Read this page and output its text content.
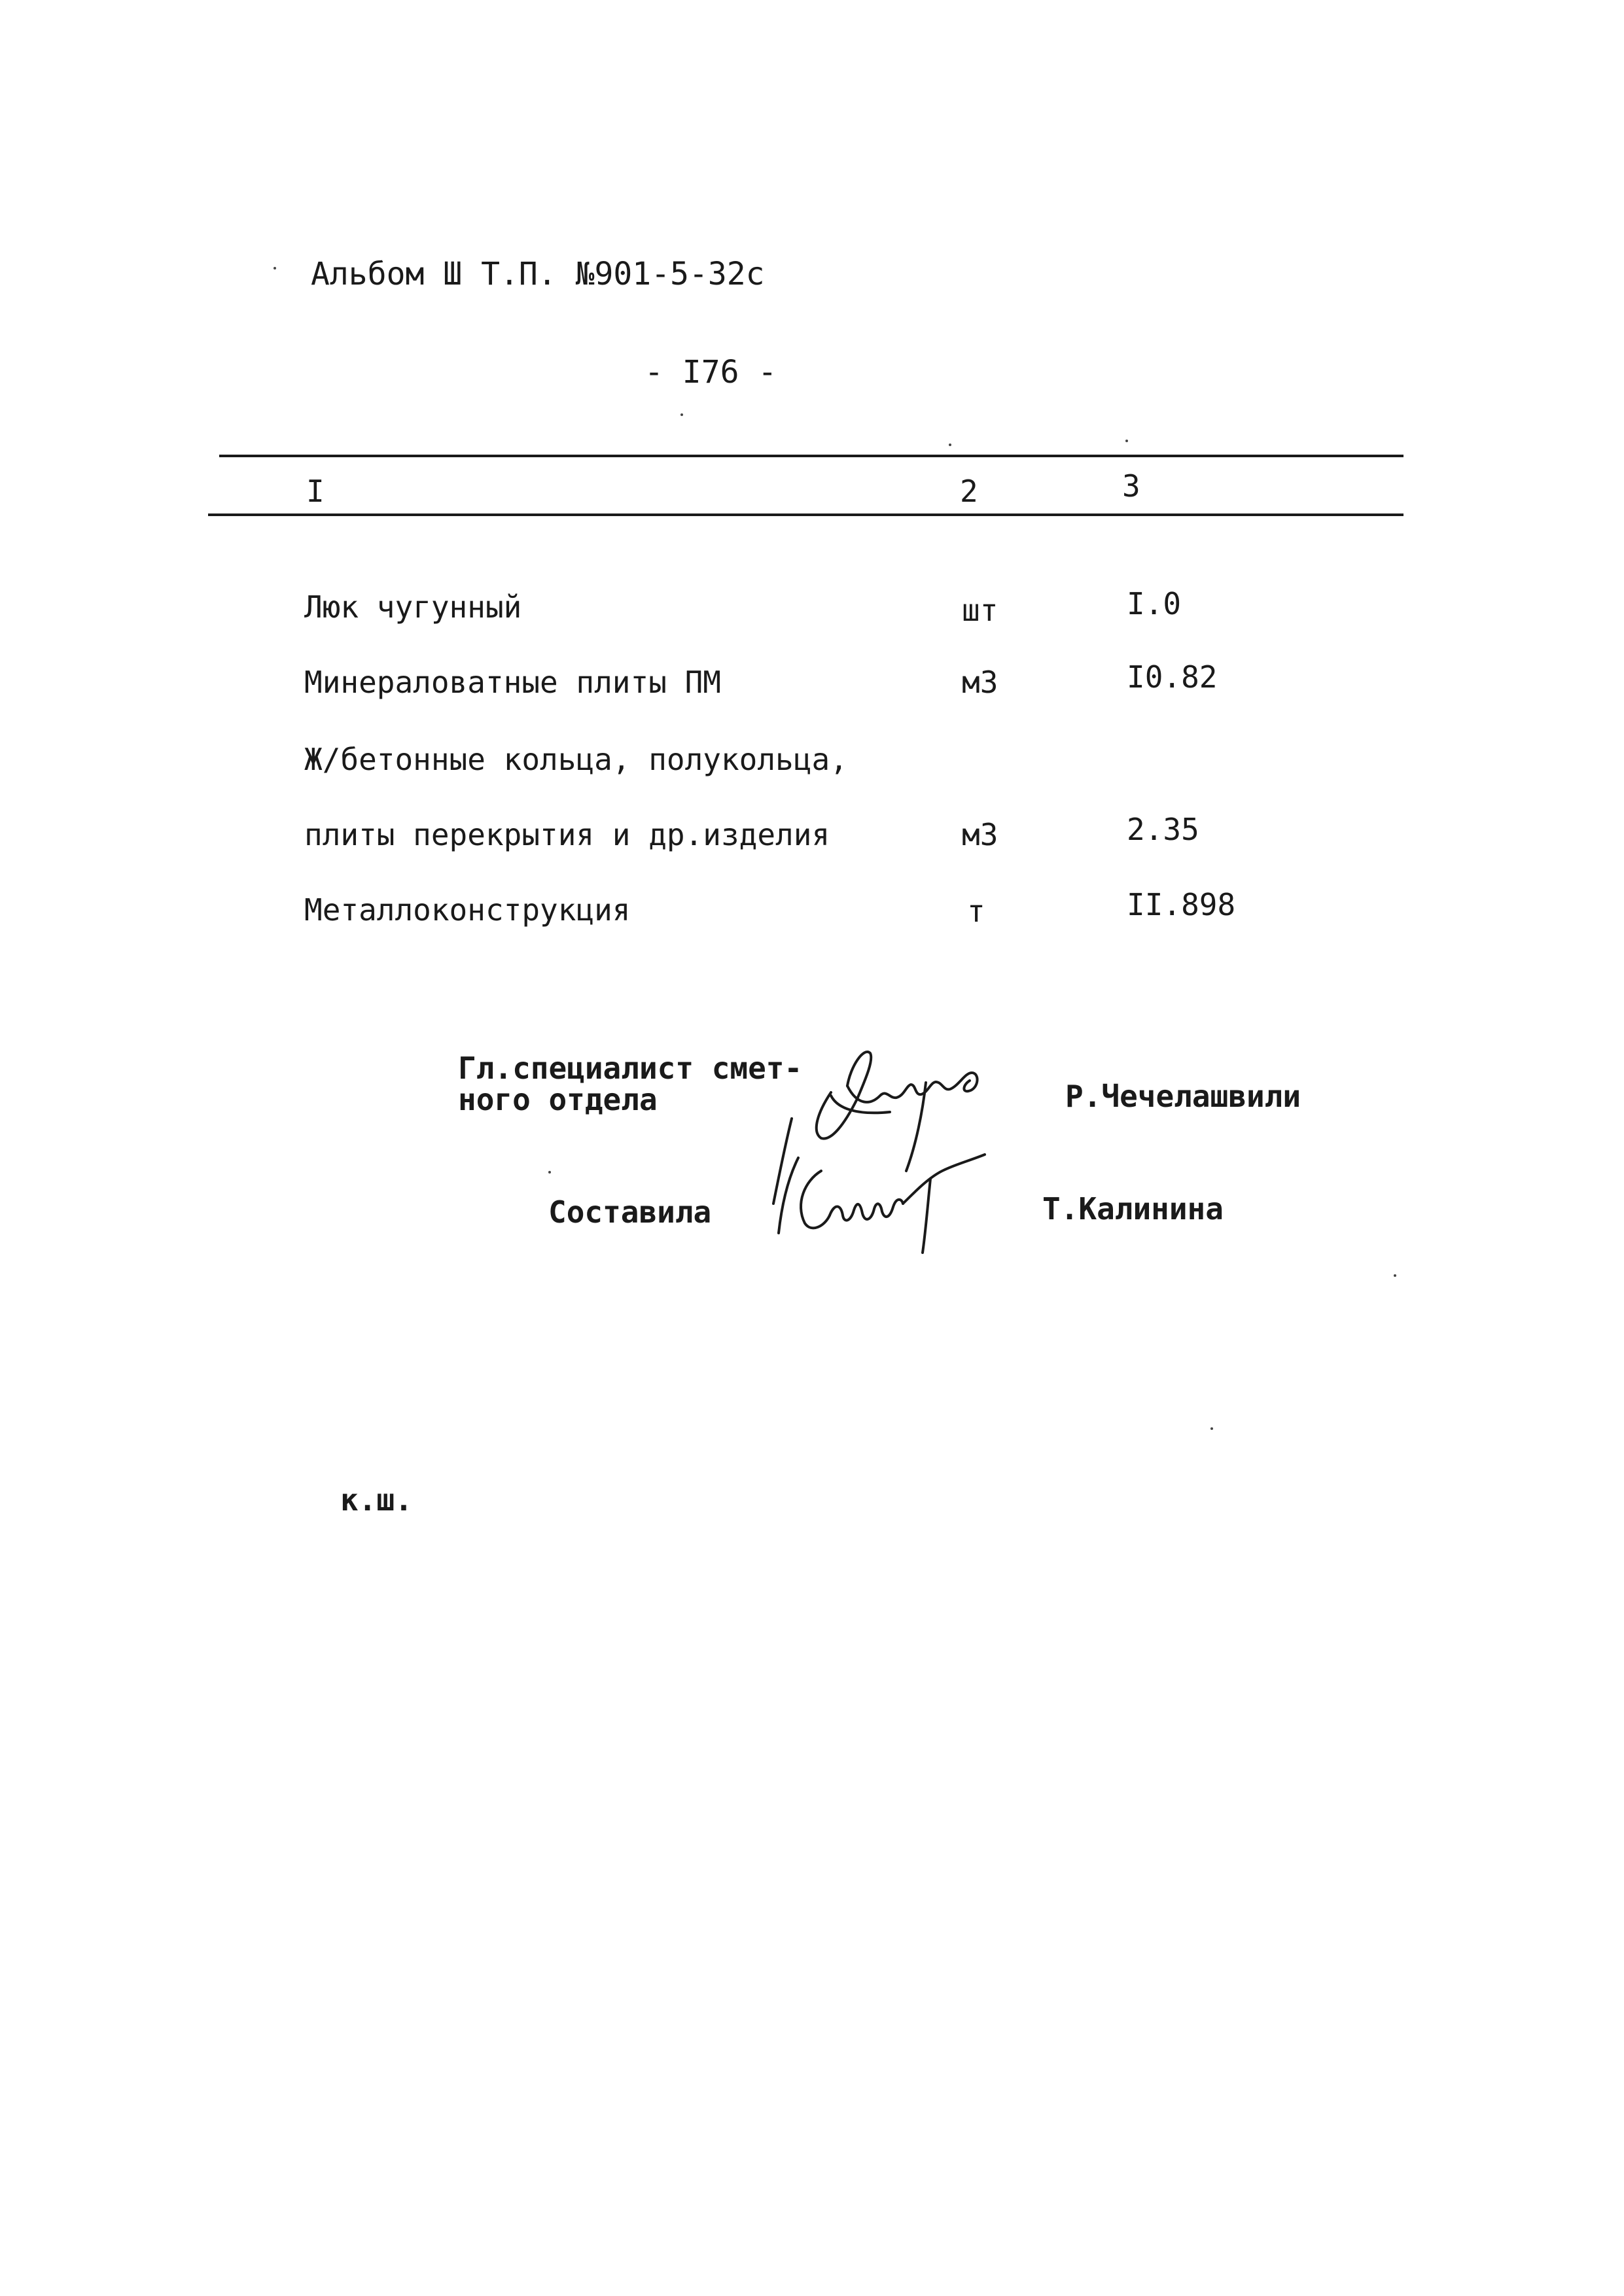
Альбом Ш Т.П. №901-5-32с
- I76 -
I	2	3
Люк чугунный	шт	I.0
Минераловатные плиты ПМ	м3	I0.82
Ж/бетонные кольца, полукольца,
плиты перекрытия и др.изделия	м3	2.35
Металлоконструкция	т	II.898
Гл.специалист смет-
ного отдела	Р.Чечелашвили
Составила	Т.Калинина
к.ш.
